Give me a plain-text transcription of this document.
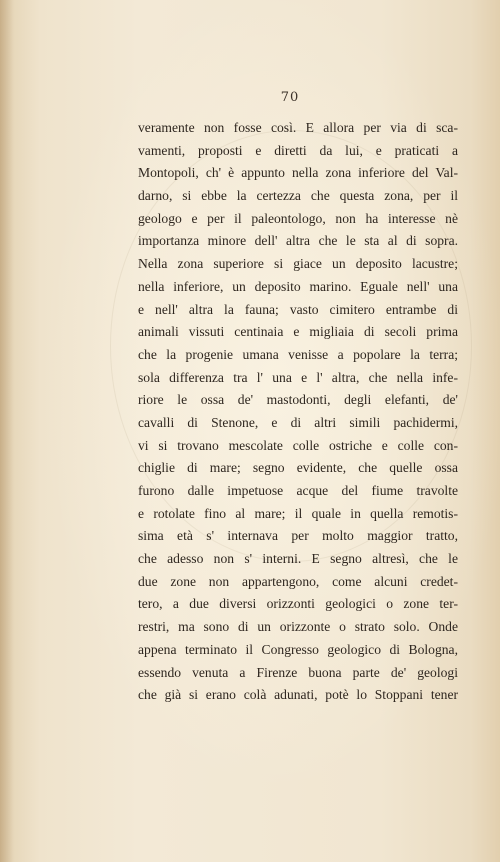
70
veramente non fosse così. E allora per via di sca-
vamenti, proposti e diretti da lui, e praticati a
Montopoli, ch' è appunto nella zona inferiore del Val-
darno, si ebbe la certezza che questa zona, per il
geologo e per il paleontologo, non ha interesse nè
importanza minore dell' altra che le sta al di sopra.
Nella zona superiore si giace un deposito lacustre;
nella inferiore, un deposito marino. Eguale nell' una
e nell' altra la fauna; vasto cimitero entrambe di
animali vissuti centinaia e migliaia di secoli prima
che la progenie umana venisse a popolare la terra;
sola differenza tra l' una e l' altra, che nella infe-
riore le ossa de' mastodonti, degli elefanti, de'
cavalli di Stenone, e di altri simili pachidermi,
vi si trovano mescolate colle ostriche e colle con-
chiglie di mare; segno evidente, che quelle ossa
furono dalle impetuose acque del fiume travolte
e rotolate fino al mare; il quale in quella remotis-
sima età s' internava per molto maggior tratto,
che adesso non s' interni. E segno altresì, che le
due zone non appartengono, come alcuni credet-
tero, a due diversi orizzonti geologici o zone ter-
restri, ma sono di un orizzonte o strato solo. Onde
appena terminato il Congresso geologico di Bologna,
essendo venuta a Firenze buona parte de' geologi
che già si erano colà adunati, potè lo Stoppani tener
